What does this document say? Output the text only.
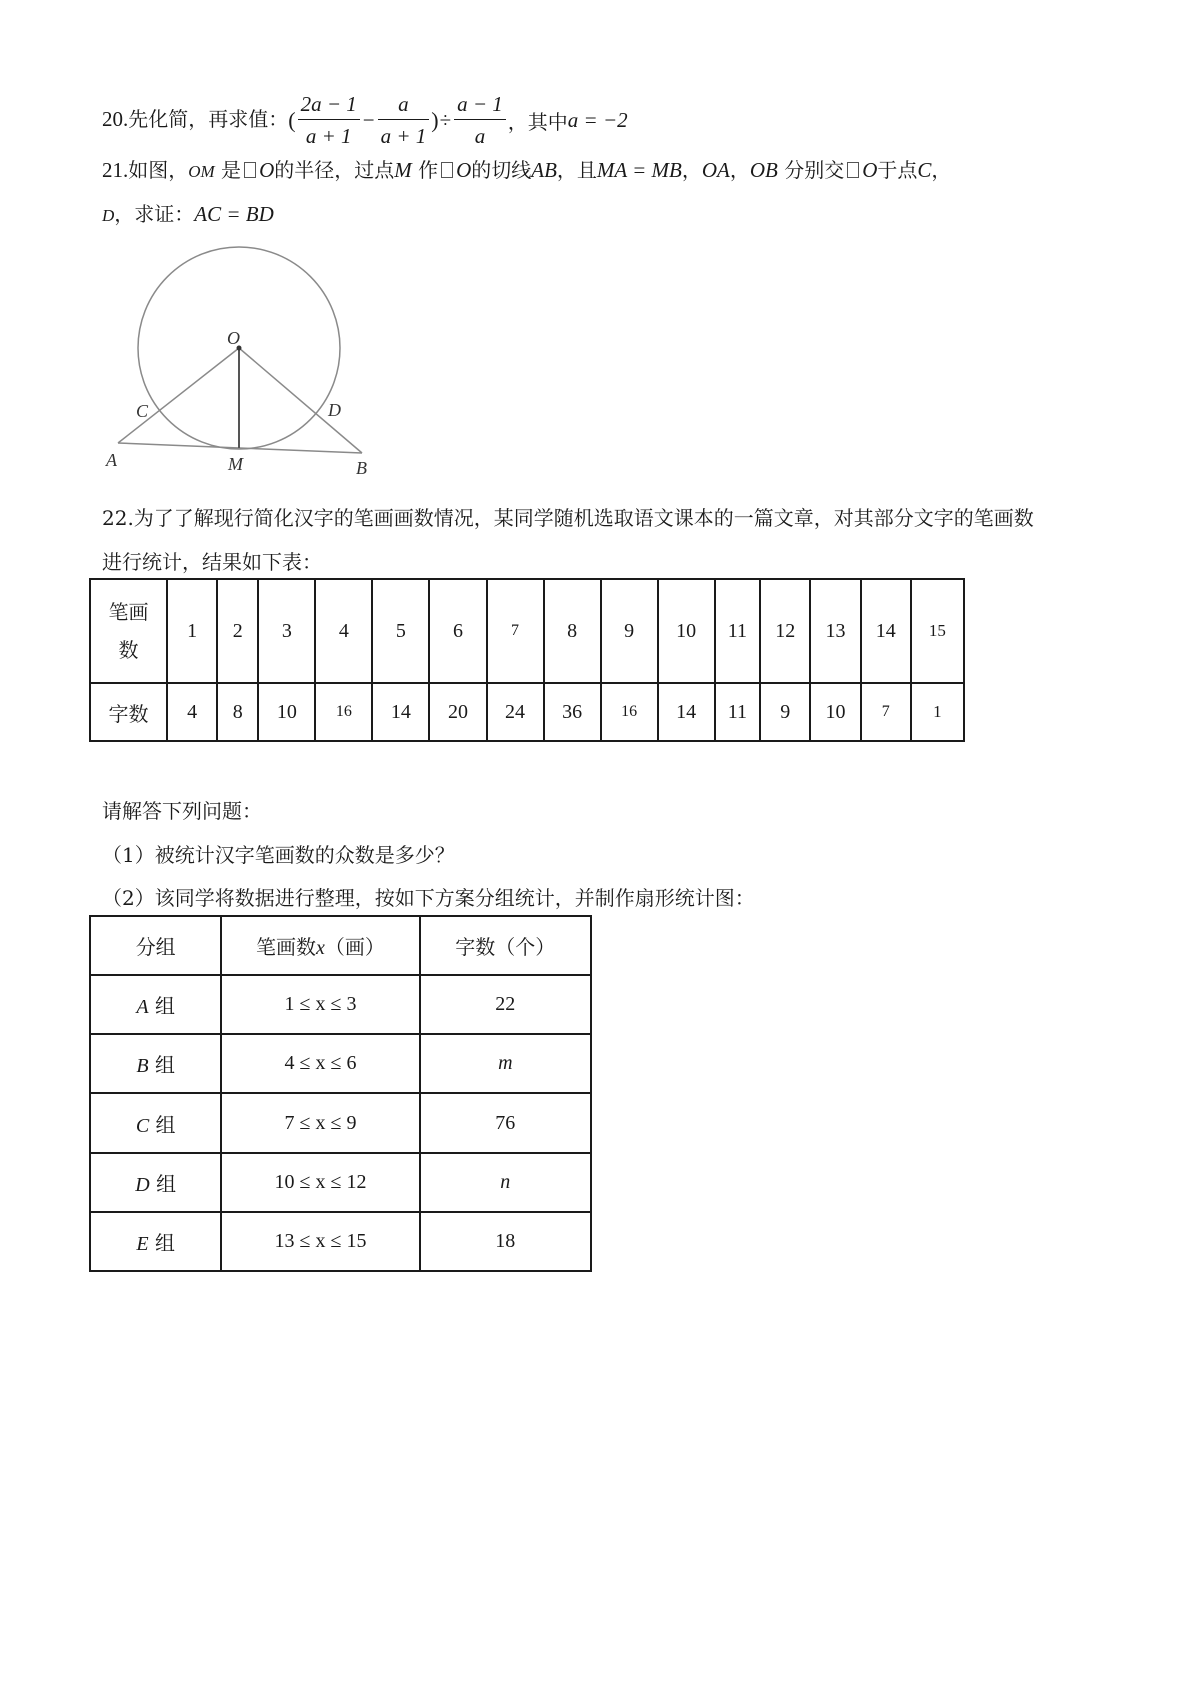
20.先化简，再求值：( $\frac{2a - 1}{a + 1} - \frac{a}{a + 1}$ )÷ $\frac{a - 1}{a}$ ，其中a = −2
21.如图，OM 是 O的半径，过点M 作 O的切线AB，且MA = MB，OA，OB 分别交 O于点C，
D，求证：AC = BD
O
C	D
A	M	B
22.为了了解现行简化汉字的笔画画数情况，某同学随机选取语文课本的一篇文章，对其部分文字的笔画数
进行统计，结果如下表：
笔画数	1	2	3	4	5	6	7	8	9	10	11	12	13	14	15
字数	4	8	10	16	14	20	24	36	16	14	11	9	10	7	1
请解答下列问题：
（1）被统计汉字笔画数的众数是多少？
（2）该同学将数据进行整理，按如下方案分组统计，并制作扇形统计图：
分组	笔画数x（画）	字数（个）
A 组	1 ≤ x ≤ 3	22
B 组	4 ≤ x ≤ 6	m
C 组	7 ≤ x ≤ 9	76
D 组	10 ≤ x ≤ 12	n
E 组	13 ≤ x ≤ 15	18
